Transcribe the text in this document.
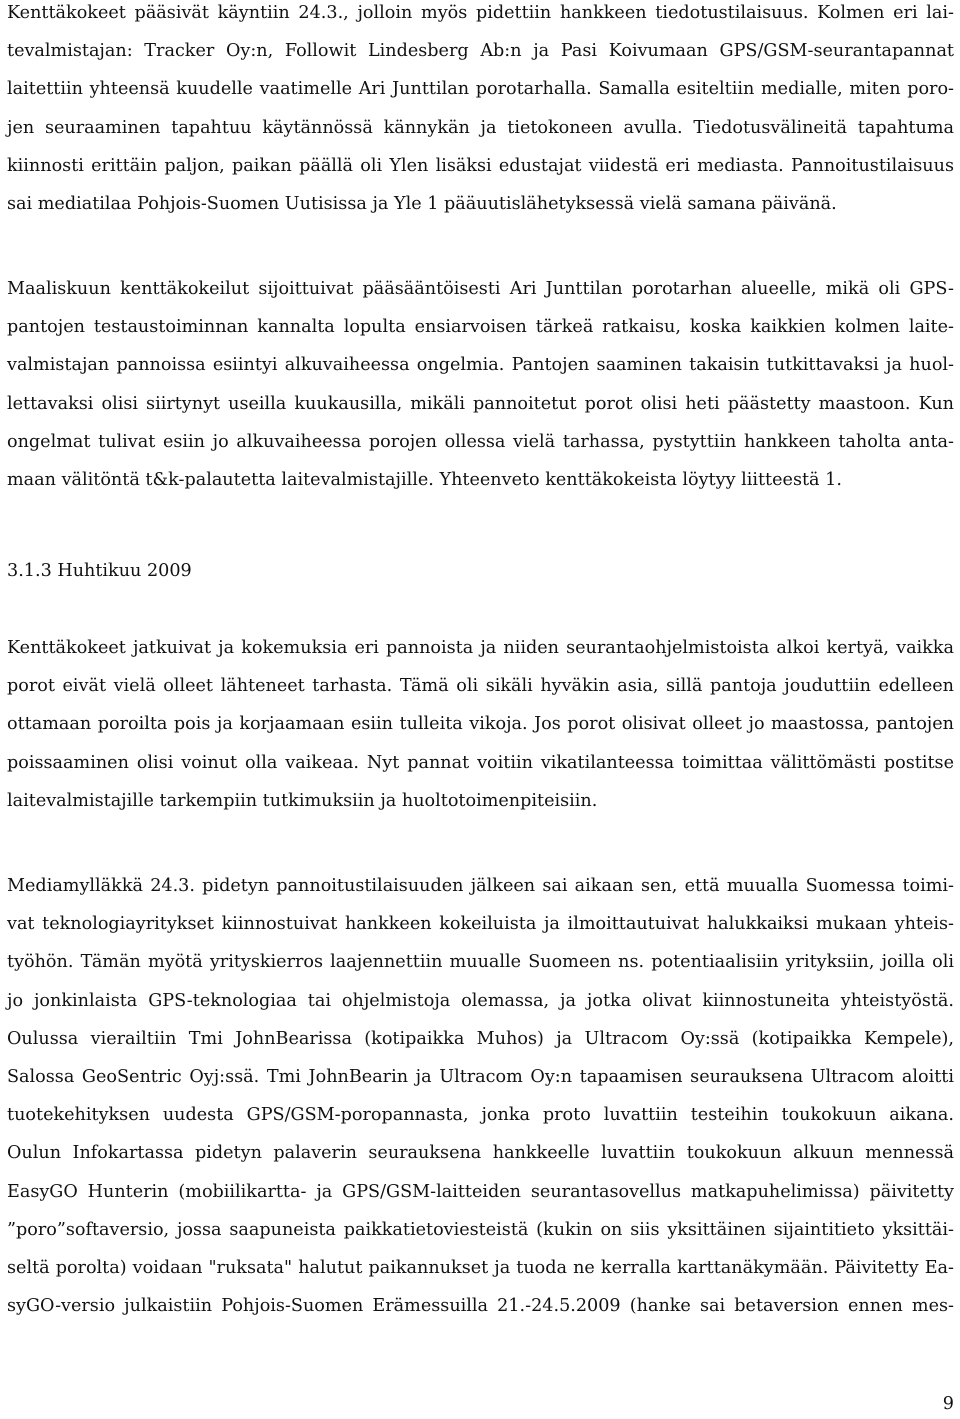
Kenttäkokeet pääsivät käyntiin 24.3., jolloin myös pidettiin hankkeen tiedotustilaisuus. Kolmen eri lai-
tevalmistajan: Tracker Oy:n, Followit Lindesberg Ab:n ja Pasi Koivumaan GPS/GSM-seurantapannat
laitettiin yhteensä kuudelle vaatimelle Ari Junttilan porotarhalla. Samalla esiteltiin medialle, miten poro-
jen seuraaminen tapahtuu käytännössä kännykän ja tietokoneen avulla. Tiedotusvälineitä tapahtuma
kiinnosti erittäin paljon, paikan päällä oli Ylen lisäksi edustajat viidestä eri mediasta. Pannoitustilaisuus
sai mediatilaa Pohjois-Suomen Uutisissa ja Yle 1 pääuutislähetyksessä vielä samana päivänä.
Maaliskuun kenttäkokeilut sijoittuivat pääsääntöisesti Ari Junttilan porotarhan alueelle, mikä oli GPS-
pantojen testaustoiminnan kannalta lopulta ensiarvoisen tärkeä ratkaisu, koska kaikkien kolmen laite-
valmistajan pannoissa esiintyi alkuvaiheessa ongelmia. Pantojen saaminen takaisin tutkittavaksi ja huol-
lettavaksi olisi siirtynyt useilla kuukausilla, mikäli pannoitetut porot olisi heti päästetty maastoon. Kun
ongelmat tulivat esiin jo alkuvaiheessa porojen ollessa vielä tarhassa, pystyttiin hankkeen taholta anta-
maan välitöntä t&k-palautetta laitevalmistajille. Yhteenveto kenttäkokeista löytyy liitteestä 1.
3.1.3 Huhtikuu 2009
Kenttäkokeet jatkuivat ja kokemuksia eri pannoista ja niiden seurantaohjelmistoista alkoi kertyä, vaikka
porot eivät vielä olleet lähteneet tarhasta. Tämä oli sikäli hyväkin asia, sillä pantoja jouduttiin edelleen
ottamaan poroilta pois ja korjaamaan esiin tulleita vikoja. Jos porot olisivat olleet jo maastossa, pantojen
poissaaminen olisi voinut olla vaikeaa. Nyt pannat voitiin vikatilanteessa toimittaa välittömästi postitse
laitevalmistajille tarkempiin tutkimuksiin ja huoltotoimenpiteisiin.
Mediamylläkkä 24.3. pidetyn pannoitustilaisuuden jälkeen sai aikaan sen, että muualla Suomessa toimi-
vat teknologiayritykset kiinnostuivat hankkeen kokeiluista ja ilmoittautuivat halukkaiksi mukaan yhteis-
työhön. Tämän myötä yrityskierros laajennettiin muualle Suomeen ns. potentiaalisiin yrityksiin, joilla oli
jo jonkinlaista GPS-teknologiaa tai ohjelmistoja olemassa, ja jotka olivat kiinnostuneita yhteistyöstä.
Oulussa vierailtiin Tmi JohnBearissa (kotipaikka Muhos) ja Ultracom Oy:ssä (kotipaikka Kempele),
Salossa GeoSentric Oyj:ssä. Tmi JohnBearin ja Ultracom Oy:n tapaamisen seurauksena Ultracom aloitti
tuotekehityksen uudesta GPS/GSM-poropannasta, jonka proto luvattiin testeihin toukokuun aikana.
Oulun Infokartassa pidetyn palaverin seurauksena hankkeelle luvattiin toukokuun alkuun mennessä
EasyGO Hunterin (mobiilikartta- ja GPS/GSM-laitteiden seurantasovellus matkapuhelimissa) päivitetty
”poro”softaversio, jossa saapuneista paikkatietoviesteistä (kukin on siis yksittäinen sijaintitieto yksittäi-
seltä porolta) voidaan "ruksata" halutut paikannukset ja tuoda ne kerralla karttanäkymään. Päivitetty Ea-
syGO-versio julkaistiin Pohjois-Suomen Erämessuilla 21.-24.5.2009 (hanke sai betaversion ennen mes-
9
